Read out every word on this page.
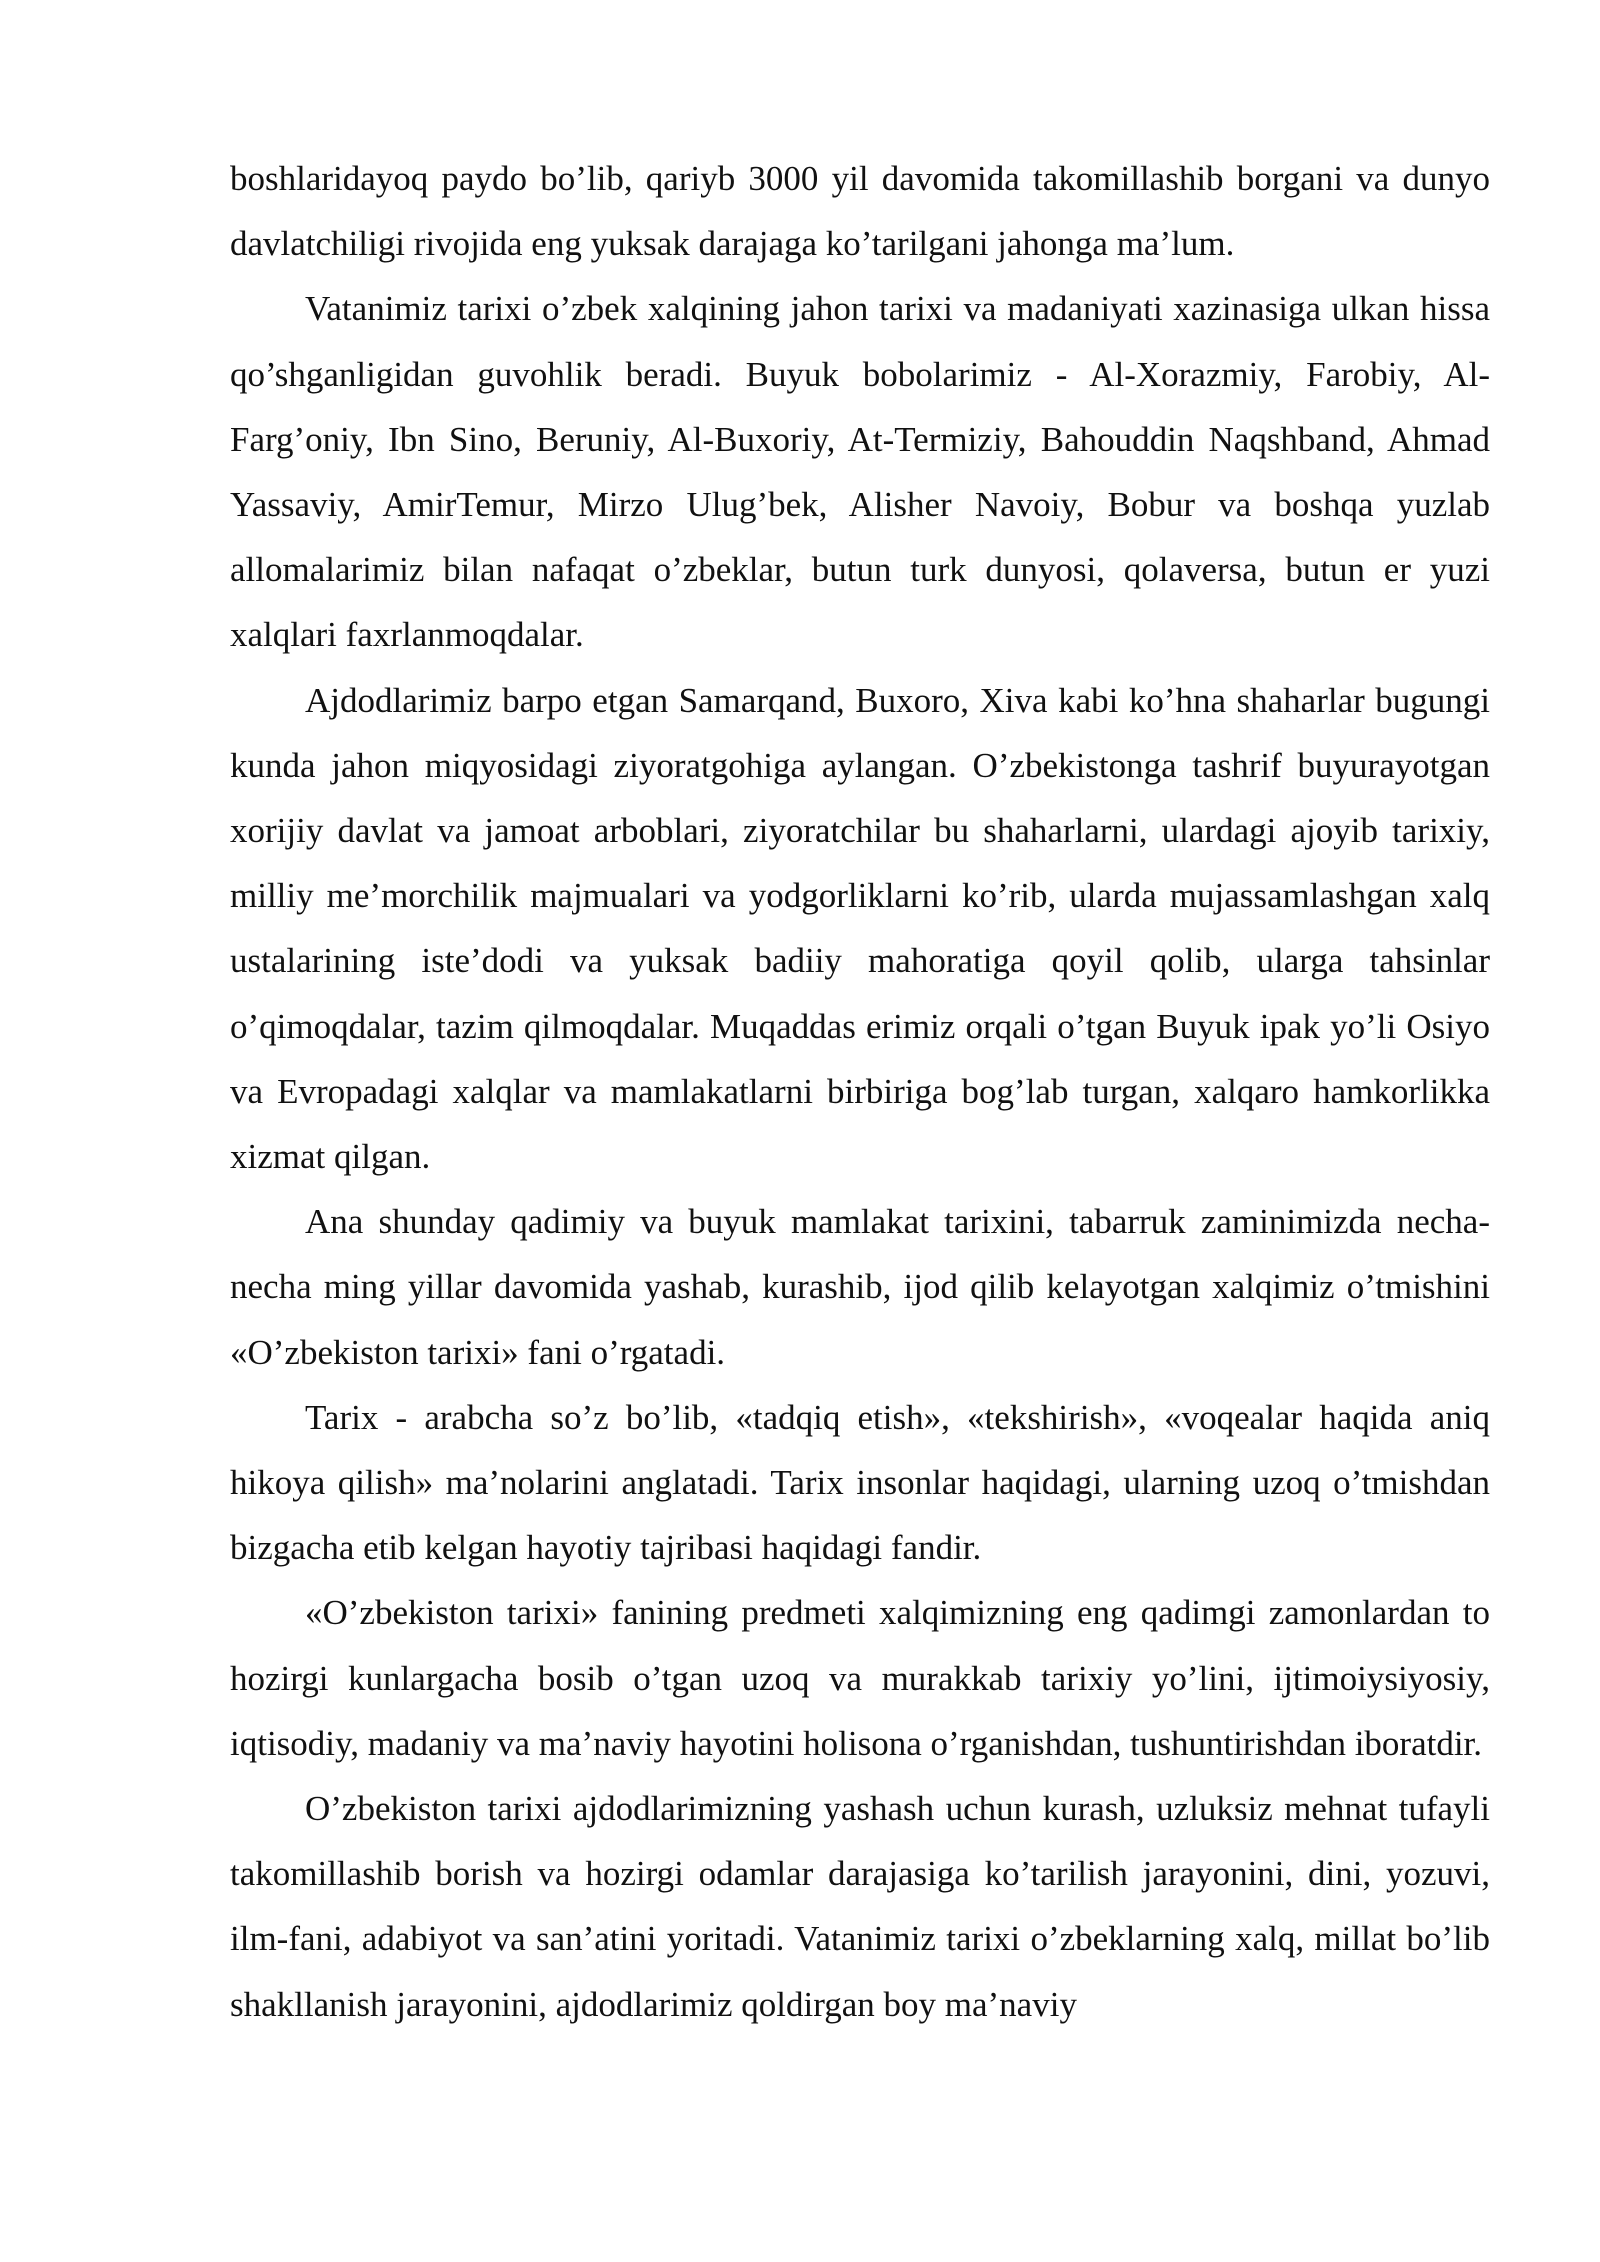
boshlaridayoq paydo bo’lib, qariyb 3000 yil davomida takomillashib borgani va dunyo davlatchiligi rivojida eng yuksak darajaga ko’tarilgani jahonga ma’lum.

Vatanimiz tarixi o’zbek xalqining jahon tarixi va madaniyati xazinasiga ulkan hissa qo’shganligidan guvohlik beradi. Buyuk bobolarimiz - Al-Xorazmiy, Farobiy, Al-Farg’oniy, Ibn Sino, Beruniy, Al-Buxoriy, At-Termiziy, Bahouddin Naqshband, Ahmad Yassaviy, AmirTemur, Mirzo Ulug’bek, Alisher Navoiy, Bobur va boshqa yuzlab allomalarimiz bilan nafaqat o’zbeklar, butun turk dunyosi, qolaversa, butun er yuzi xalqlari faxrlanmoqdalar.

Ajdodlarimiz barpo etgan Samarqand, Buxoro, Xiva kabi ko’hna shaharlar bugungi kunda jahon miqyosidagi ziyoratgohiga aylangan. O’zbekistonga tashrif buyurayotgan xorijiy davlat va jamoat arboblari, ziyoratchilar bu shaharlarni, ulardagi ajoyib tarixiy, milliy me’morchilik majmualari va yodgorliklarni ko’rib, ularda mujassamlashgan xalq ustalarining iste’dodi va yuksak badiiy mahoratiga qoyil qolib, ularga tahsinlar o’qimoqdalar, tazim qilmoqdalar. Muqaddas erimiz orqali o’tgan Buyuk ipak yo’li Osiyo va Evropadagi xalqlar va mamlakatlarni birbiriga bog’lab turgan, xalqaro hamkorlikka xizmat qilgan.

Ana shunday qadimiy va buyuk mamlakat tarixini, tabarruk zaminimizda necha-necha ming yillar davomida yashab, kurashib, ijod qilib kelayotgan xalqimiz o’tmishini «O’zbekiston tarixi» fani o’rgatadi.

Tarix - arabcha so’z bo’lib, «tadqiq etish», «tekshirish», «voqealar haqida aniq hikoya qilish» ma’nolarini anglatadi. Tarix insonlar haqidagi, ularning uzoq o’tmishdan bizgacha etib kelgan hayotiy tajribasi haqidagi fandir.

«O’zbekiston tarixi» fanining predmeti xalqimizning eng qadimgi zamonlardan to hozirgi kunlargacha bosib o’tgan uzoq va murakkab tarixiy yo’lini, ijtimoiysiyosiy, iqtisodiy, madaniy va ma’naviy hayotini holisona o’rganishdan, tushuntirishdan iboratdir.

O’zbekiston tarixi ajdodlarimizning yashash uchun kurash, uzluksiz mehnat tufayli takomillashib borish va hozirgi odamlar darajasiga ko’tarilish jarayonini, dini, yozuvi, ilm-fani, adabiyot va san’atini yoritadi. Vatanimiz tarixi o’zbeklarning xalq, millat bo’lib shakllanish jarayonini, ajdodlarimiz qoldirgan boy ma’naviy
